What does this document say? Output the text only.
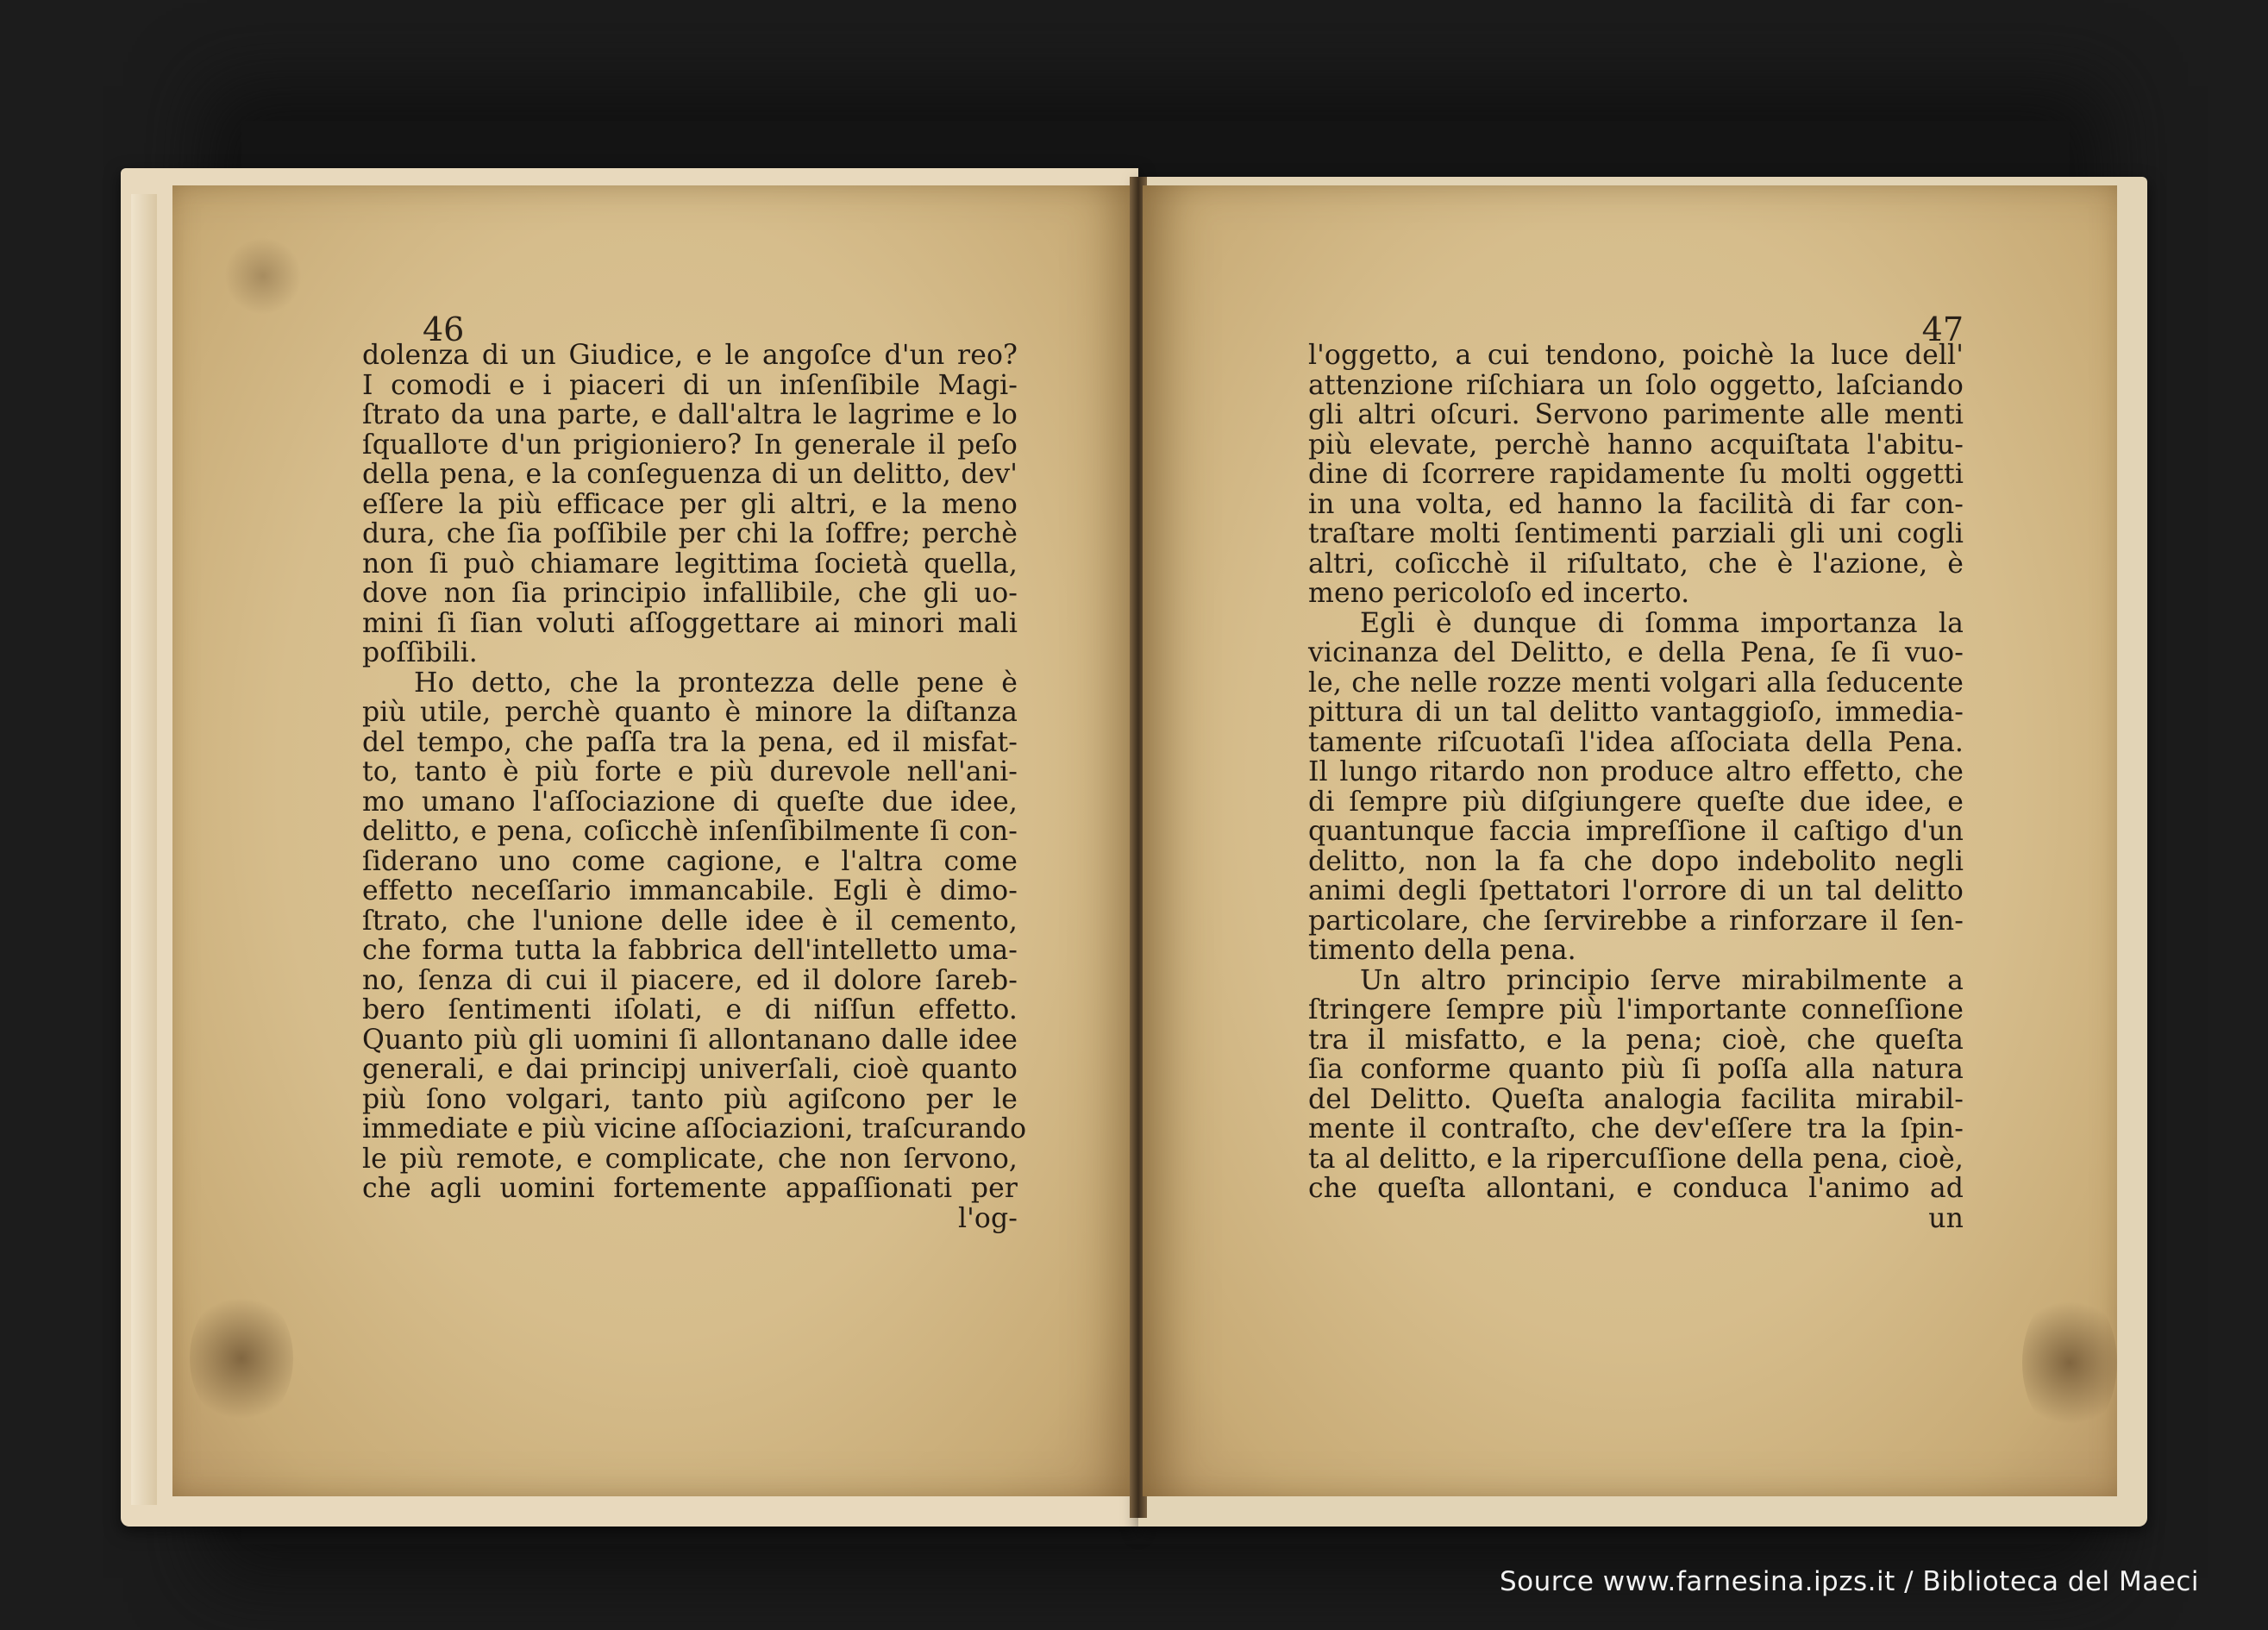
46
dolenza di un Giudice, e le angoſce d'un reo?
I comodi e i piaceri di un inſenſibile Magi-
ſtrato da una parte, e dall'altra le lagrime e lo
ſqualloτe d'un prigioniero? In generale il peſo
della pena, e la conſeguenza di un delitto, dev'
eſſere la più efficace per gli altri, e la meno
dura, che ſia poſſibile per chi la ſoffre; perchè
non ſi può chiamare legittima ſocietà quella,
dove non ſia principio infallibile, che gli uo-
mini ſi ſian voluti aſſoggettare ai minori mali
poſſibili.
Ho detto, che la prontezza delle pene è
più utile, perchè quanto è minore la diſtanza
del tempo, che paſſa tra la pena, ed il misfat-
to, tanto è più forte e più durevole nell'ani-
mo umano l'aſſociazione di queſte due idee,
delitto, e pena, coſicchè inſenſibilmente ſi con-
ſiderano uno come cagione, e l'altra come
effetto neceſſario immancabile. Egli è dimo-
ſtrato, che l'unione delle idee è il cemento,
che forma tutta la fabbrica dell'intelletto uma-
no, ſenza di cui il piacere, ed il dolore ſareb-
bero ſentimenti iſolati, e di niſſun effetto.
Quanto più gli uomini ſi allontanano dalle idee
generali, e dai principj univerſali, cioè quanto
più ſono volgari, tanto più agiſcono per le
immediate e più vicine aſſociazioni, traſcurando
le più remote, e complicate, che non ſervono,
che agli uomini fortemente appaſſionati per
l'og-
47
l'oggetto, a cui tendono, poichè la luce dell'
attenzione riſchiara un ſolo oggetto, laſciando
gli altri oſcuri. Servono parimente alle menti
più elevate, perchè hanno acquiſtata l'abitu-
dine di ſcorrere rapidamente ſu molti oggetti
in una volta, ed hanno la facilità di far con-
traſtare molti ſentimenti parziali gli uni cogli
altri, coſicchè il riſultato, che è l'azione, è
meno pericoloſo ed incerto.
Egli è dunque di ſomma importanza la
vicinanza del Delitto, e della Pena, ſe ſi vuo-
le, che nelle rozze menti volgari alla ſeducente
pittura di un tal delitto vantaggioſo, immedia-
tamente riſcuotaſi l'idea aſſociata della Pena.
Il lungo ritardo non produce altro effetto, che
di ſempre più diſgiungere queſte due idee, e
quantunque faccia impreſſione il caſtigo d'un
delitto, non la fa che dopo indebolito negli
animi degli ſpettatori l'orrore di un tal delitto
particolare, che ſervirebbe a rinforzare il ſen-
timento della pena.
Un altro principio ſerve mirabilmente a
ſtringere ſempre più l'importante conneſſione
tra il misfatto, e la pena; cioè, che queſta
ſia conforme quanto più ſi poſſa alla natura
del Delitto. Queſta analogia facilita mirabil-
mente il contraſto, che dev'eſſere tra la ſpin-
ta al delitto, e la ripercuſſione della pena, cioè,
che queſta allontani, e conduca l'animo ad
un
Source www.farnesina.ipzs.it / Biblioteca del Maeci
